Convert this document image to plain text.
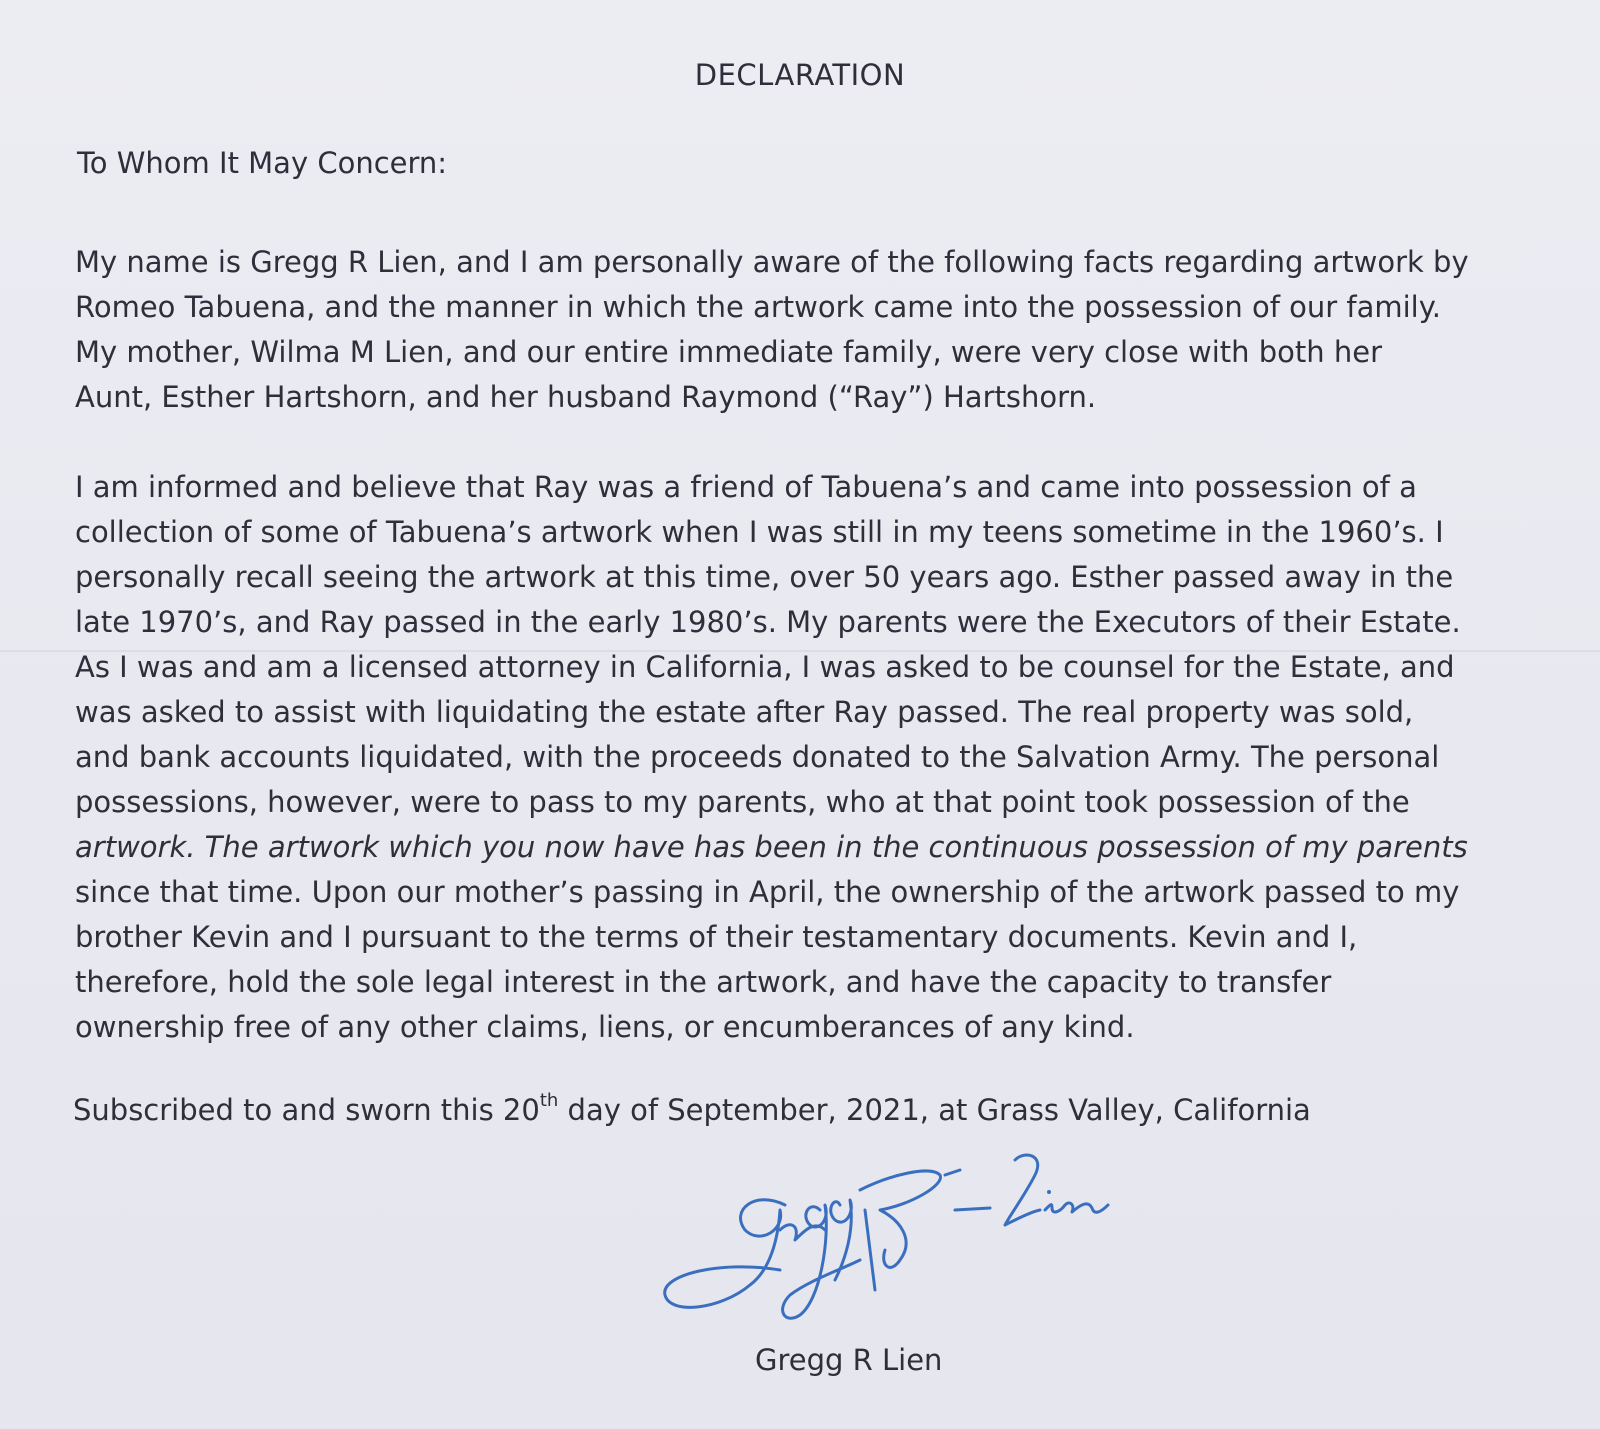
DECLARATION
To Whom It May Concern:
My name is Gregg R Lien, and I am personally aware of the following facts regarding artwork by
Romeo Tabuena, and the manner in which the artwork came into the possession of our family.
My mother, Wilma M Lien, and our entire immediate family, were very close with both her
Aunt, Esther Hartshorn, and her husband Raymond (“Ray”) Hartshorn.
I am informed and believe that Ray was a friend of Tabuena’s and came into possession of a
collection of some of Tabuena’s artwork when I was still in my teens sometime in the 1960’s. I
personally recall seeing the artwork at this time, over 50 years ago. Esther passed away in the
late 1970’s, and Ray passed in the early 1980’s. My parents were the Executors of their Estate.
As I was and am a licensed attorney in California, I was asked to be counsel for the Estate, and
was asked to assist with liquidating the estate after Ray passed. The real property was sold,
and bank accounts liquidated, with the proceeds donated to the Salvation Army. The personal
possessions, however, were to pass to my parents, who at that point took possession of the
artwork. The artwork which you now have has been in the continuous possession of my parents
since that time. Upon our mother’s passing in April, the ownership of the artwork passed to my
brother Kevin and I pursuant to the terms of their testamentary documents. Kevin and I,
therefore, hold the sole legal interest in the artwork, and have the capacity to transfer
ownership free of any other claims, liens, or encumberances of any kind.
Subscribed to and sworn this 20th day of September, 2021, at Grass Valley, California
Gregg R Lien
